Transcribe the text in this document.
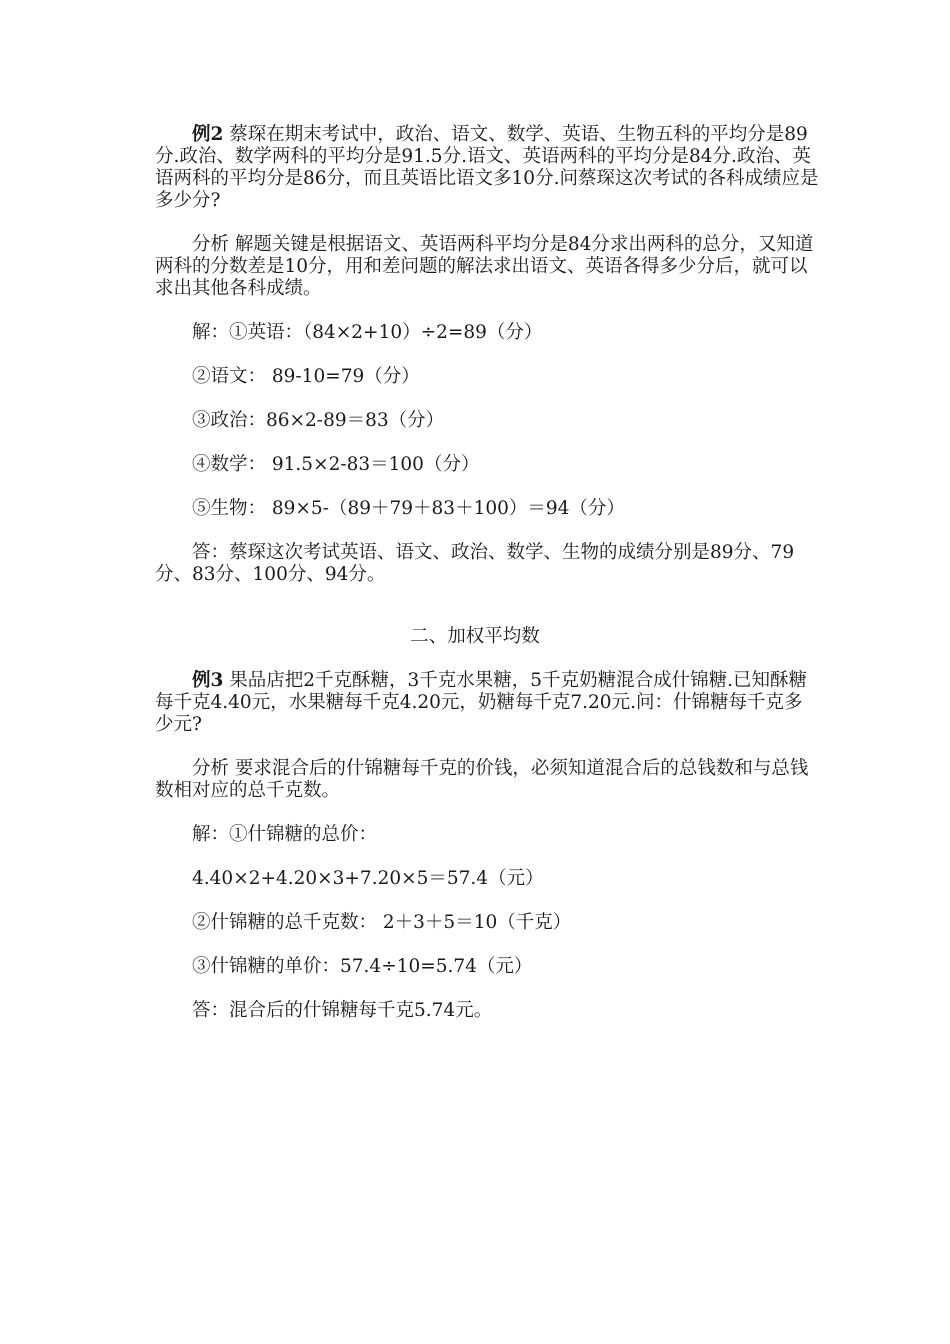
例2 蔡琛在期末考试中，政治、语文、数学、英语、生物五科的平均分是89分.政治、数学两科的平均分是91.5分.语文、英语两科的平均分是84分.政治、英语两科的平均分是86分，而且英语比语文多10分.问蔡琛这次考试的各科成绩应是多少分?

分析 解题关键是根据语文、英语两科平均分是84分求出两科的总分，又知道两科的分数差是10分，用和差问题的解法求出语文、英语各得多少分后，就可以求出其他各科成绩。

解：①英语：（84×2+10）÷2=89（分）

②语文： 89-10=79（分）

③政治：86×2-89＝83（分）

④数学： 91.5×2-83＝100（分）

⑤生物： 89×5-（89＋79＋83＋100）＝94（分）

答：蔡琛这次考试英语、语文、政治、数学、生物的成绩分别是89分、79分、83分、100分、94分。

二、加权平均数

例3 果品店把2千克酥糖，3千克水果糖，5千克奶糖混合成什锦糖.已知酥糖每千克4.40元，水果糖每千克4.20元，奶糖每千克7.20元.问：什锦糖每千克多少元?

分析 要求混合后的什锦糖每千克的价钱，必须知道混合后的总钱数和与总钱数相对应的总千克数。

解：①什锦糖的总价：

4.40×2+4.20×3+7.20×5＝57.4（元）

②什锦糖的总千克数： 2＋3＋5＝10（千克）

③什锦糖的单价：57.4÷10=5.74（元）

答：混合后的什锦糖每千克5.74元。
